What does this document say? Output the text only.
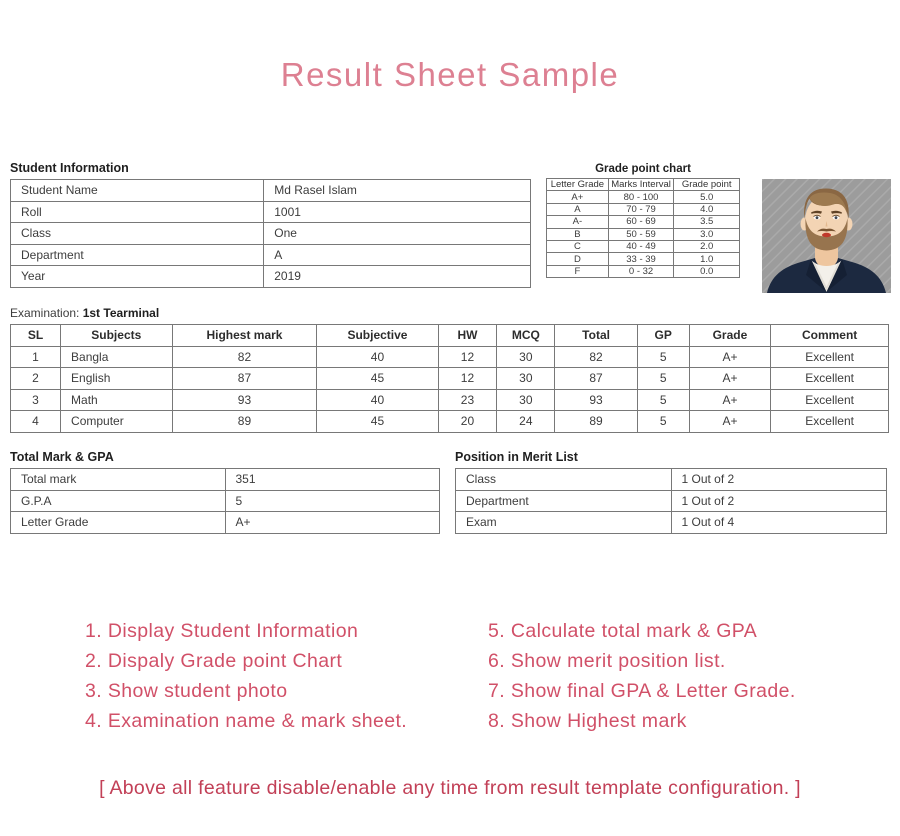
Result Sheet Sample
Student Information
Student Name	Md Rasel Islam
Roll	1001
Class	One
Department	A
Year	2019
Grade point chart
Letter Grade	Marks Interval	Grade point
A+	80 - 100	5.0
A	70 - 79	4.0
A-	60 - 69	3.5
B	50 - 59	3.0
C	40 - 49	2.0
D	33 - 39	1.0
F	0 - 32	0.0
Examination: 1st Tearminal
SL	Subjects	Highest mark	Subjective	HW	MCQ	Total	GP	Grade	Comment
1	Bangla	82	40	12	30	82	5	A+	Excellent
2	English	87	45	12	30	87	5	A+	Excellent
3	Math	93	40	23	30	93	5	A+	Excellent
4	Computer	89	45	20	24	89	5	A+	Excellent
Total Mark & GPA
Total mark	351
G.P.A	5
Letter Grade	A+
Position in Merit List
Class	1 Out of 2
Department	1 Out of 2
Exam	1 Out of 4
1. Display Student Information
2. Dispaly Grade point Chart
3. Show student photo
4. Examination name & mark sheet.
5. Calculate total mark & GPA
6. Show merit position list.
7. Show final GPA & Letter Grade.
8. Show Highest mark
[ Above all feature disable/enable any time from result template configuration. ]
